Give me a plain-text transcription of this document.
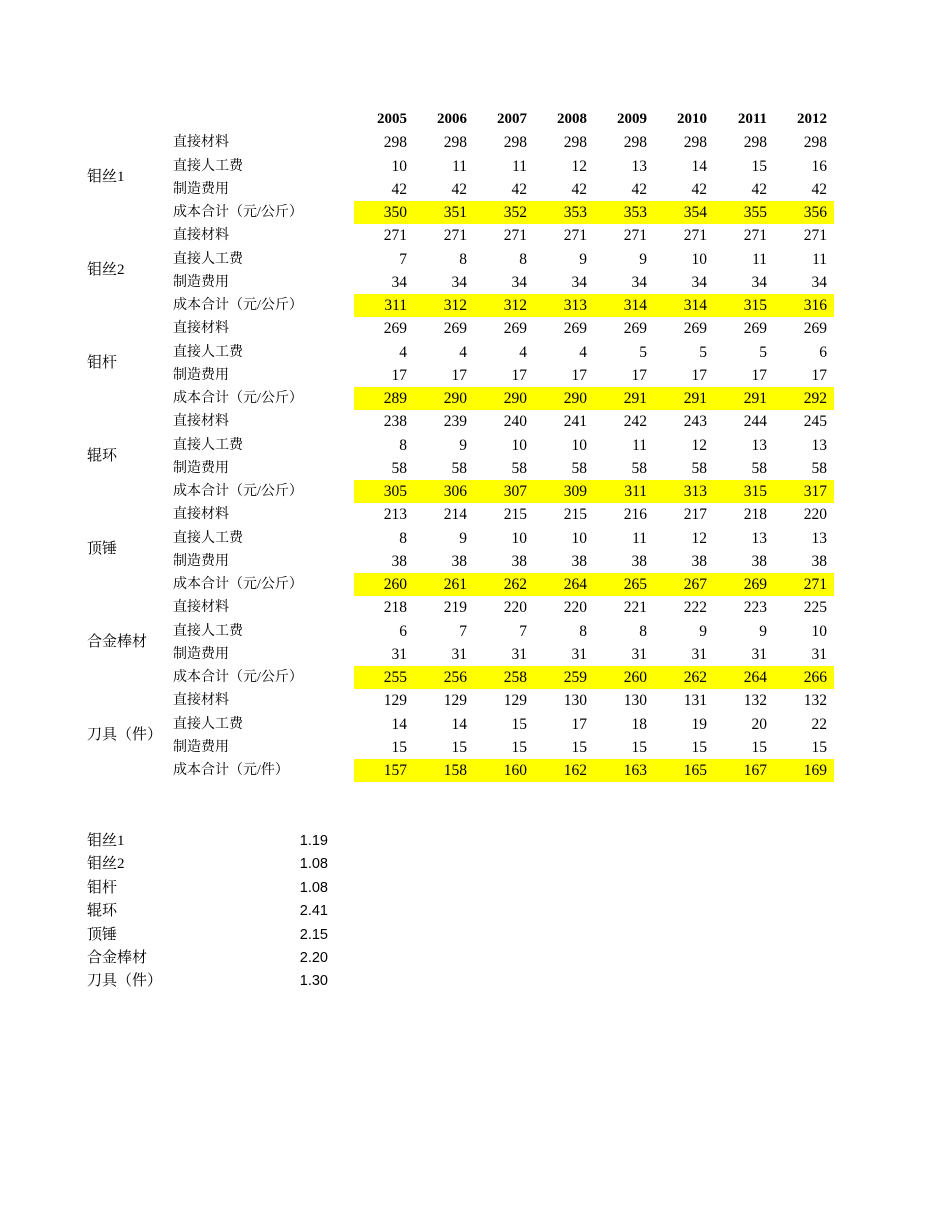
		2005	2006	2007	2008	2009	2010	2011	2012
钼丝1	直接材料	298	298	298	298	298	298	298	298
	直接人工费	10	11	11	12	13	14	15	16
	制造费用	42	42	42	42	42	42	42	42
	成本合计（元/公斤）	350	351	352	353	353	354	355	356
钼丝2	直接材料	271	271	271	271	271	271	271	271
	直接人工费	7	8	8	9	9	10	11	11
	制造费用	34	34	34	34	34	34	34	34
	成本合计（元/公斤）	311	312	312	313	314	314	315	316
钼杆	直接材料	269	269	269	269	269	269	269	269
	直接人工费	4	4	4	4	5	5	5	6
	制造费用	17	17	17	17	17	17	17	17
	成本合计（元/公斤）	289	290	290	290	291	291	291	292
辊环	直接材料	238	239	240	241	242	243	244	245
	直接人工费	8	9	10	10	11	12	13	13
	制造费用	58	58	58	58	58	58	58	58
	成本合计（元/公斤）	305	306	307	309	311	313	315	317
顶锤	直接材料	213	214	215	215	216	217	218	220
	直接人工费	8	9	10	10	11	12	13	13
	制造费用	38	38	38	38	38	38	38	38
	成本合计（元/公斤）	260	261	262	264	265	267	269	271
合金棒材	直接材料	218	219	220	220	221	222	223	225
	直接人工费	6	7	7	8	8	9	9	10
	制造费用	31	31	31	31	31	31	31	31
	成本合计（元/公斤）	255	256	258	259	260	262	264	266
刀具（件）	直接材料	129	129	129	130	130	131	132	132
	直接人工费	14	14	15	17	18	19	20	22
	制造费用	15	15	15	15	15	15	15	15
	成本合计（元/件）	157	158	160	162	163	165	167	169
钼丝1	1.19
钼丝2	1.08
钼杆	1.08
辊环	2.41
顶锤	2.15
合金棒材	2.20
刀具（件）	1.30
